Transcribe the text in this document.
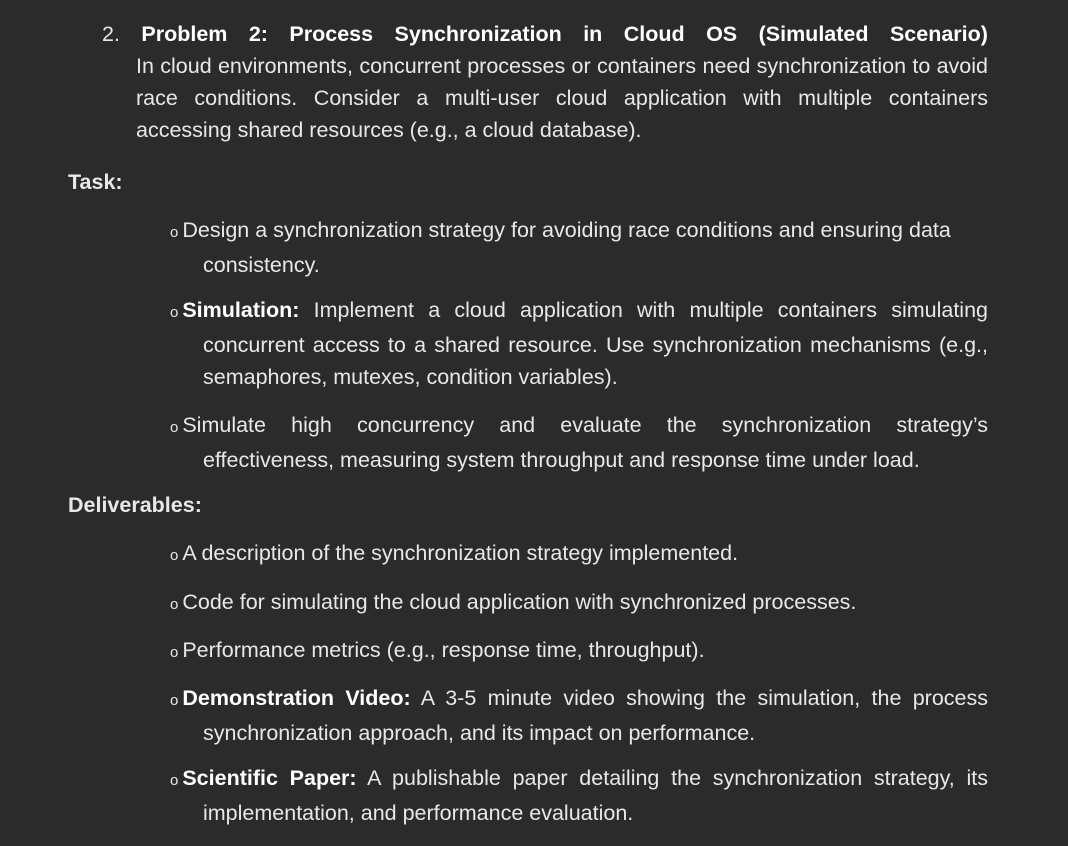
2. Problem 2: Process Synchronization in Cloud OS (Simulated Scenario)
In cloud environments, concurrent processes or containers need synchronization to avoid race conditions. Consider a multi-user cloud application with multiple containers accessing shared resources (e.g., a cloud database).
Task:
o Design a synchronization strategy for avoiding race conditions and ensuring data
consistency.
o Simulation: Implement a cloud application with multiple containers simulating
concurrent access to a shared resource. Use synchronization mechanisms (e.g., semaphores, mutexes, condition variables).
o Simulate high concurrency and evaluate the synchronization strategy’s
effectiveness, measuring system throughput and response time under load.
Deliverables:
o A description of the synchronization strategy implemented.
o Code for simulating the cloud application with synchronized processes.
o Performance metrics (e.g., response time, throughput).
o Demonstration Video: A 3-5 minute video showing the simulation, the process
synchronization approach, and its impact on performance.
o Scientific Paper: A publishable paper detailing the synchronization strategy, its
implementation, and performance evaluation.
